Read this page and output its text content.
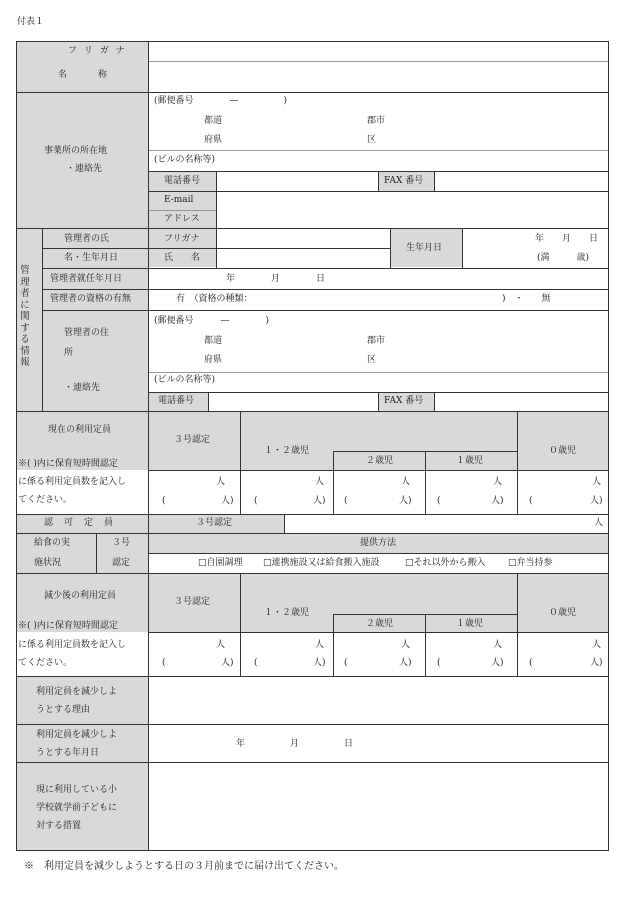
付表１
フ リ ガ ナ
名　　　称
事業所の所在地
・連絡先
(郵便番号　　　　—　　　　　)
都道	郡市
府県	区
(ビルの名称等)
電話番号	FAX 番号
E-mail
アドレス
管理者に関する情報
管理者の氏
名・生年月日
フリガナ
氏　　名
生年月日
年　　月　　日
(満　　　歳)
管理者就任年月日	年　　　　月　　　　日
管理者の資格の有無	有　（資格の種類：	)　・　　無
管理者の住
所
・連絡先
(郵便番号　　　—　　　　)
都道	郡市
府県	区
(ビルの名称等)
電話番号	FAX 番号
現在の利用定員
※( )内に保育短時間認定
に係る利用定員数を記入し
てください。
３号認定
１・２歳児
２歳児	１歳児
０歳児
人	人	人	人	人
(	人) (	人) (	人)	(	人)	(	人)
認　可　定　員	３号認定	人
給食の実
施状況
３号
認定
提供方法
□自園調理 □連携施設又は給食搬入施設	□それ以外から搬入 □弁当持参
減少後の利用定員
※( )内に保育短時間認定
に係る利用定員数を記入し
てください。
３号認定
１・２歳児
２歳児	１歳児
０歳児
人	人	人	人	人
(	人) (	人) (	人)	(	人)	(	人)
利用定員を減少しよ
うとする理由
利用定員を減少しよ
うとする年月日
年　　　　　月　　　　　日
現に利用している小
学校就学前子どもに
対する措置
※　利用定員を減少しようとする日の３月前までに届け出てください。
